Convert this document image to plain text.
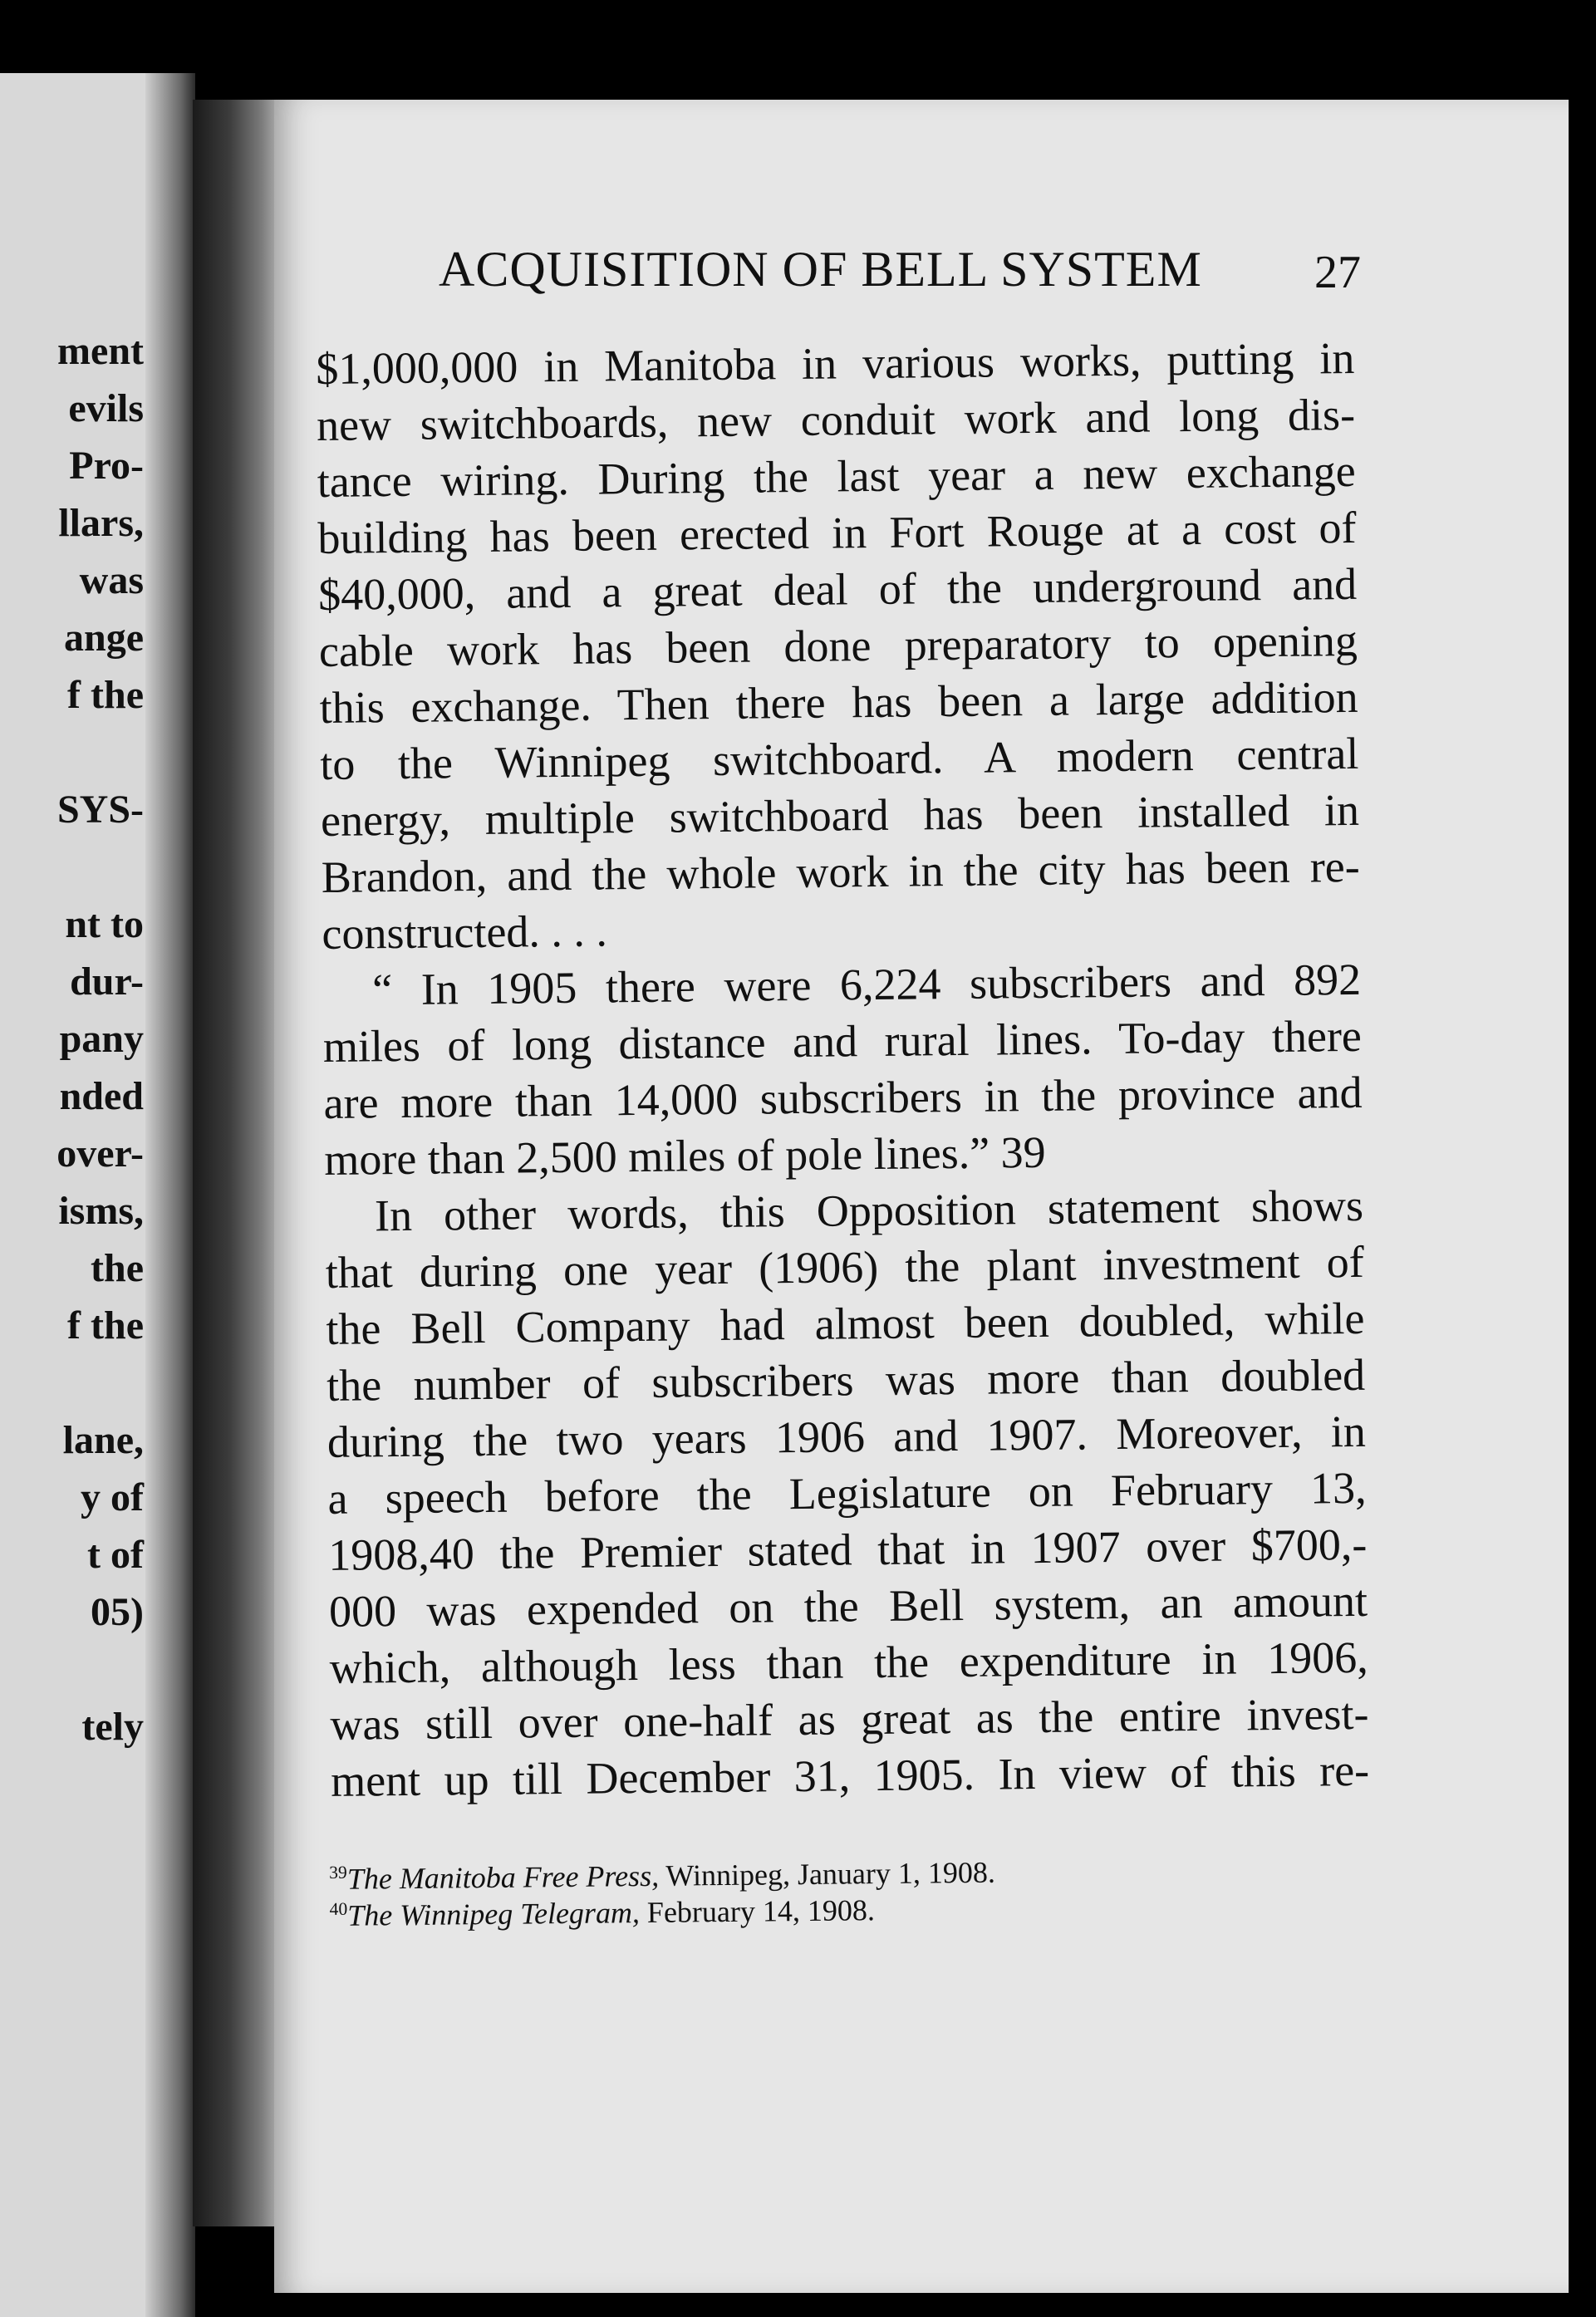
ment
evils
Pro-
llars,
was
ange
f the
SYS-
nt to
dur-
pany
nded
over-
isms,
the
f the
lane,
y of
t of
05)
tely
ACQUISITION OF BELL SYSTEM	27
$1,000,000 in Manitoba in various works, putting in
new switchboards, new conduit work and long dis-
tance wiring. During the last year a new exchange
building has been erected in Fort Rouge at a cost of
$40,000, and a great deal of the underground and
cable work has been done preparatory to opening
this exchange. Then there has been a large addition
to the Winnipeg switchboard. A modern central
energy, multiple switchboard has been installed in
Brandon, and the whole work in the city has been re-
constructed. . . .
“ In 1905 there were 6,224 subscribers and 892
miles of long distance and rural lines. To-day there
are more than 14,000 subscribers in the province and
more than 2,500 miles of pole lines.” 39
In other words, this Opposition statement shows
that during one year (1906) the plant investment of
the Bell Company had almost been doubled, while
the number of subscribers was more than doubled
during the two years 1906 and 1907. Moreover, in
a speech before the Legislature on February 13,
1908,40 the Premier stated that in 1907 over $700,-
000 was expended on the Bell system, an amount
which, although less than the expenditure in 1906,
was still over one-half as great as the entire invest-
ment up till December 31, 1905. In view of this re-
$^{39}$The Manitoba Free Press, Winnipeg, January 1, 1908.
$^{40}$The Winnipeg Telegram, February 14, 1908.
